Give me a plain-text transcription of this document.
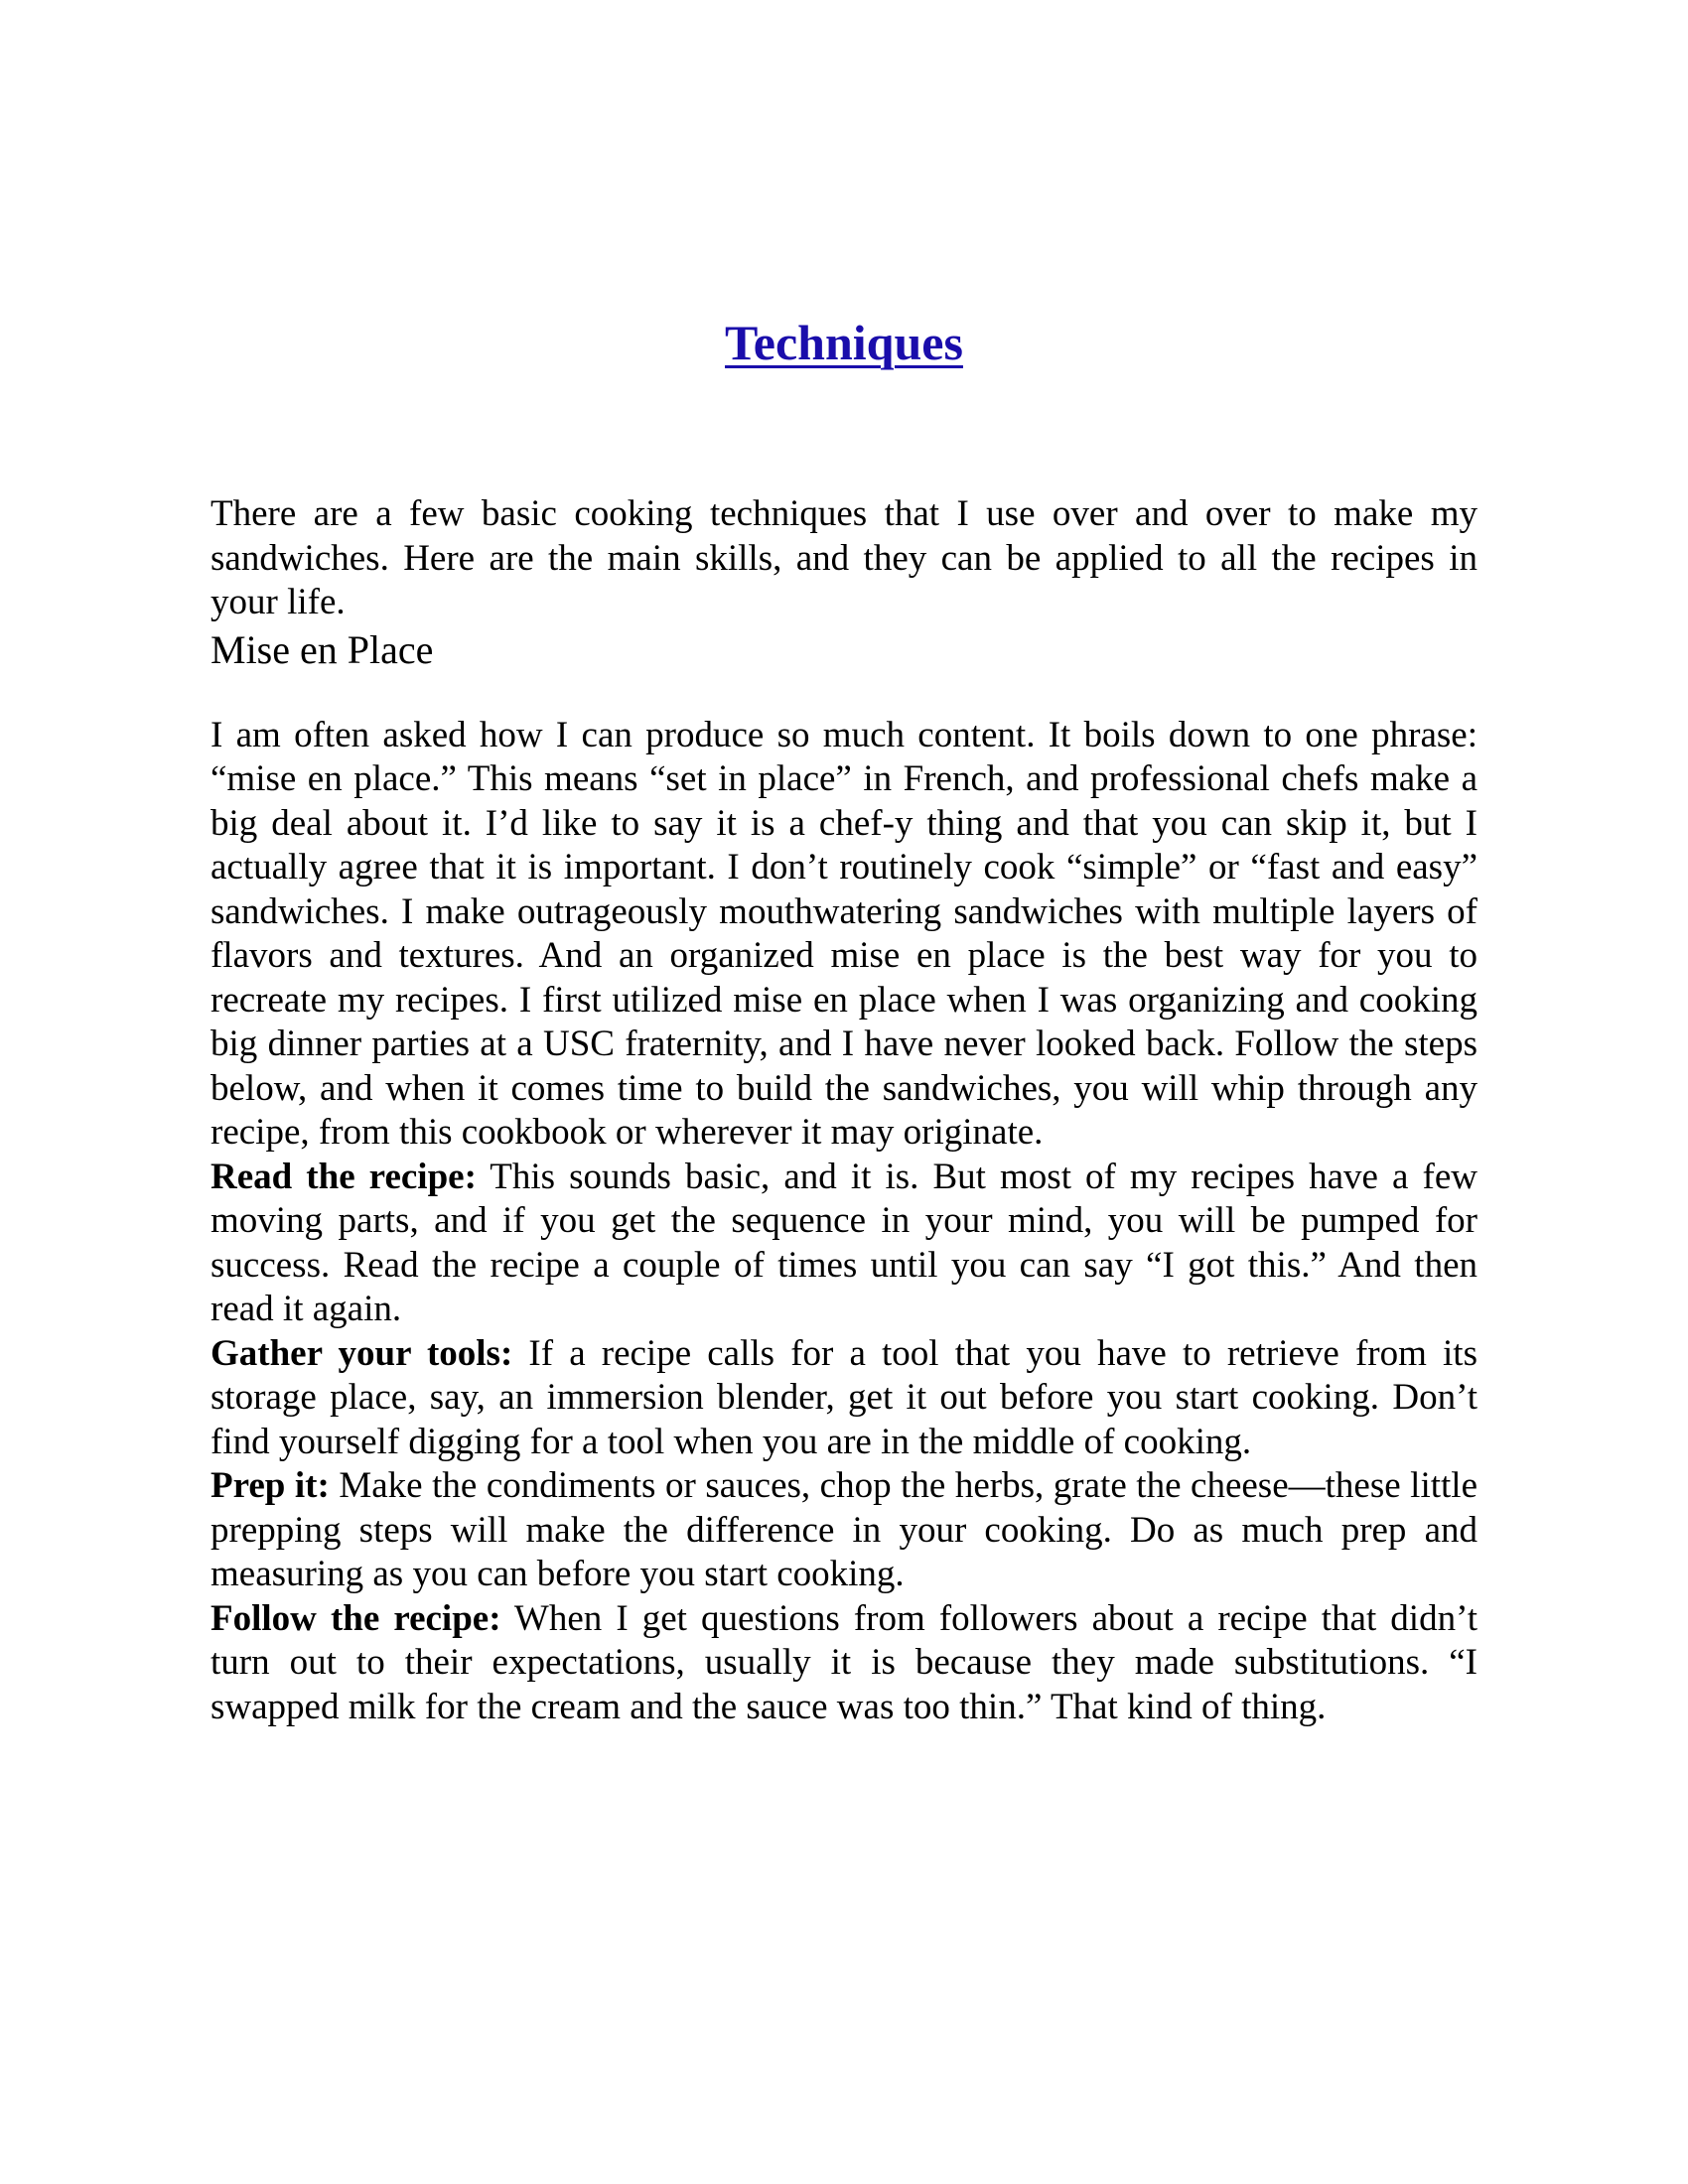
Techniques

There are a few basic cooking techniques that I use over and over to make my sandwiches. Here are the main skills, and they can be applied to all the recipes in your life.

Mise en Place

I am often asked how I can produce so much content. It boils down to one phrase: “mise en place.” This means “set in place” in French, and professional chefs make a big deal about it. I’d like to say it is a chef-y thing and that you can skip it, but I actually agree that it is important. I don’t routinely cook “simple” or “fast and easy” sandwiches. I make outrageously mouthwatering sandwiches with multiple layers of flavors and textures. And an organized mise en place is the best way for you to recreate my recipes. I first utilized mise en place when I was organizing and cooking big dinner parties at a USC fraternity, and I have never looked back. Follow the steps below, and when it comes time to build the sandwiches, you will whip through any recipe, from this cookbook or wherever it may originate.

Read the recipe: This sounds basic, and it is. But most of my recipes have a few moving parts, and if you get the sequence in your mind, you will be pumped for success. Read the recipe a couple of times until you can say “I got this.” And then read it again.

Gather your tools: If a recipe calls for a tool that you have to retrieve from its storage place, say, an immersion blender, get it out before you start cooking. Don’t find yourself digging for a tool when you are in the middle of cooking.

Prep it: Make the condiments or sauces, chop the herbs, grate the cheese—these little prepping steps will make the difference in your cooking. Do as much prep and measuring as you can before you start cooking.

Follow the recipe: When I get questions from followers about a recipe that didn’t turn out to their expectations, usually it is because they made substitutions. “I swapped milk for the cream and the sauce was too thin.” That kind of thing.
